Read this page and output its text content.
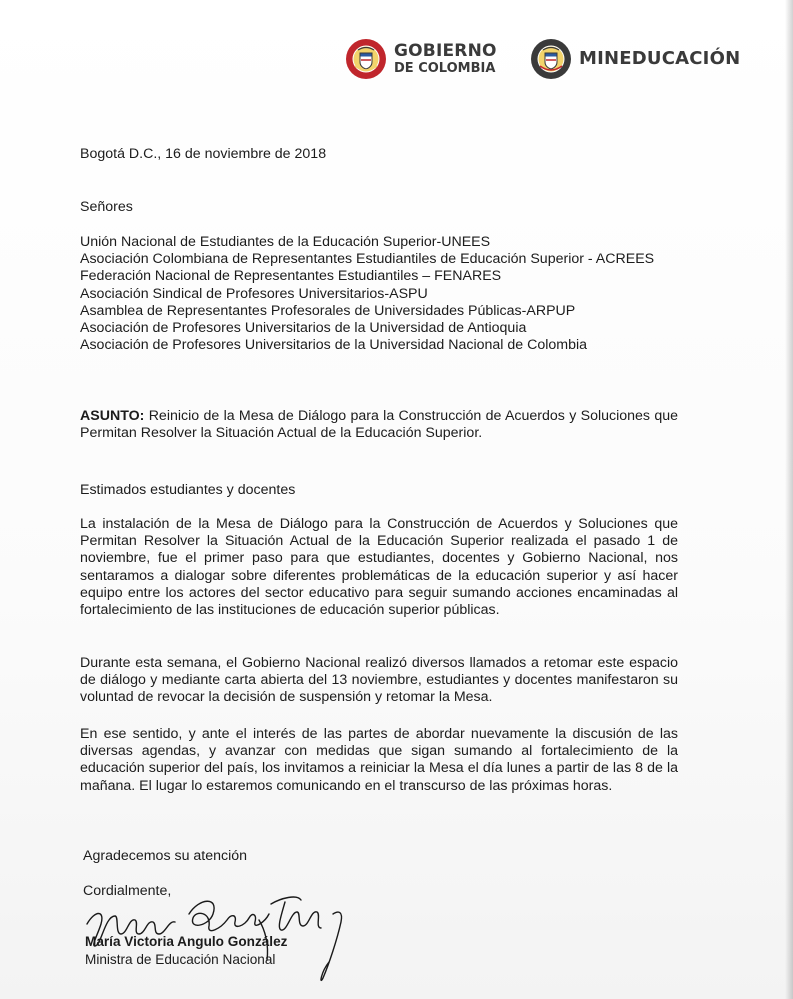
GOBIERNO
DE COLOMBIA	MINEDUCACIÓN

Bogotá D.C., 16 de noviembre de 2018

Señores

Unión Nacional de Estudiantes de la Educación Superior-UNEES
Asociación Colombiana de Representantes Estudiantiles de Educación Superior - ACREES
Federación Nacional de Representantes Estudiantiles – FENARES
Asociación Sindical de Profesores Universitarios-ASPU
Asamblea de Representantes Profesorales de Universidades Públicas-ARPUP
Asociación de Profesores Universitarios de la Universidad de Antioquia
Asociación de Profesores Universitarios de la Universidad Nacional de Colombia

ASUNTO: Reinicio de la Mesa de Diálogo para la Construcción de Acuerdos y Soluciones que Permitan Resolver la Situación Actual de la Educación Superior.

Estimados estudiantes y docentes

La instalación de la Mesa de Diálogo para la Construcción de Acuerdos y Soluciones que Permitan Resolver la Situación Actual de la Educación Superior realizada el pasado 1 de noviembre, fue el primer paso para que estudiantes, docentes y Gobierno Nacional, nos sentaramos a dialogar sobre diferentes problemáticas de la educación superior y así hacer equipo entre los actores del sector educativo para seguir sumando acciones encaminadas al fortalecimiento de las instituciones de educación superior públicas.

Durante esta semana, el Gobierno Nacional realizó diversos llamados a retomar este espacio de diálogo y mediante carta abierta del 13 noviembre, estudiantes y docentes manifestaron su voluntad de revocar la decisión de suspensión y retomar la Mesa.

En ese sentido, y ante el interés de las partes de abordar nuevamente la discusión de las diversas agendas, y avanzar con medidas que sigan sumando al fortalecimiento de la educación superior del país, los invitamos a reiniciar la Mesa el día lunes a partir de las 8 de la mañana. El lugar lo estaremos comunicando en el transcurso de las próximas horas.

Agradecemos su atención

Cordialmente,

María Victoria Angulo González

Ministra de Educación Nacional
